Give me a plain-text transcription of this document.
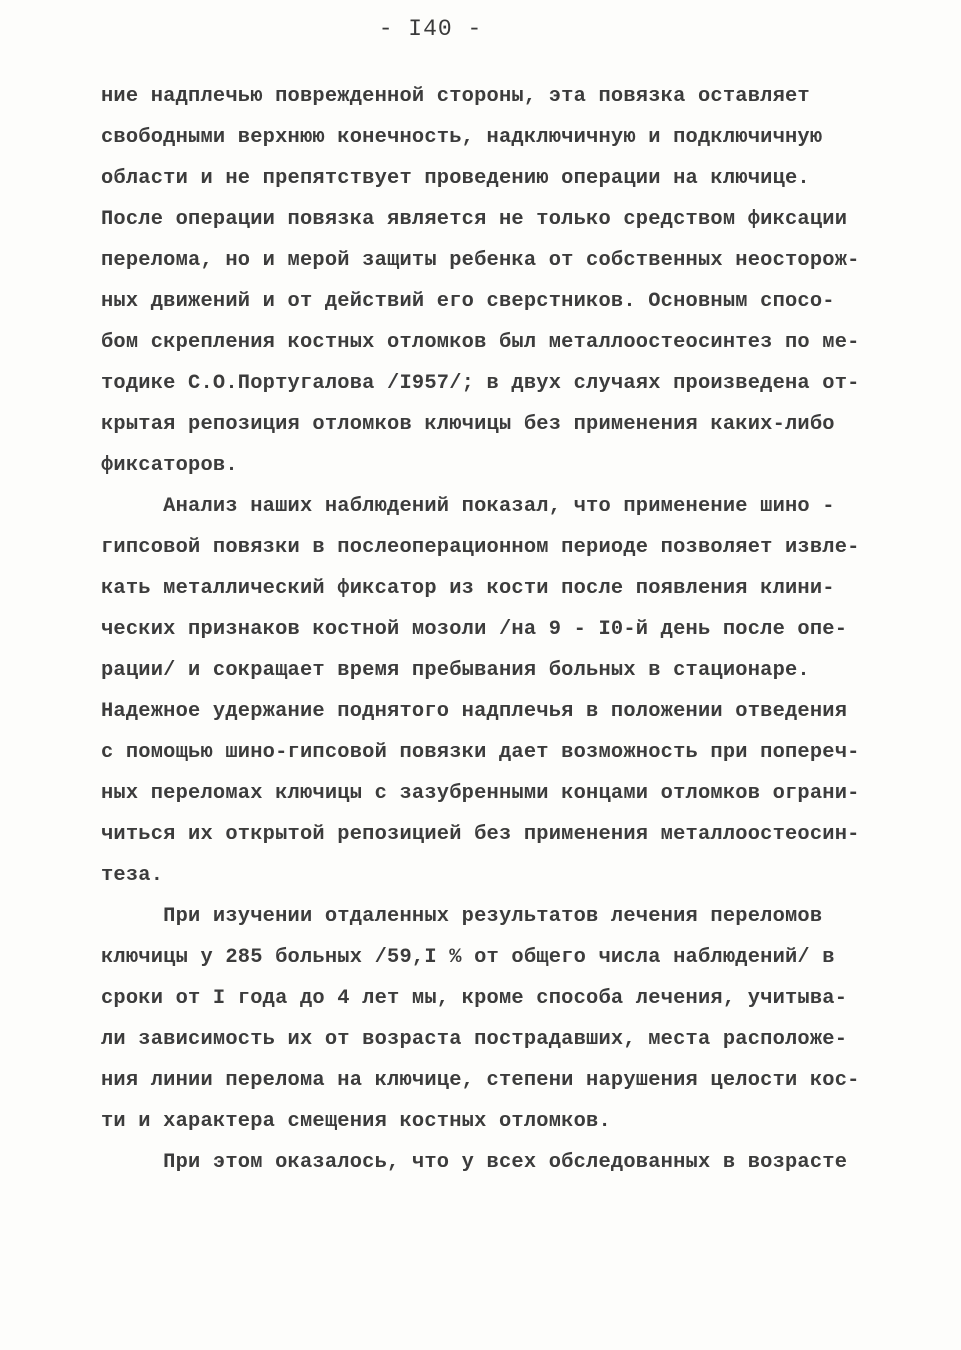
- I40 -
ние надплечью поврежденной стороны, эта повязка оставляет
свободными верхнюю конечность, надключичную и подключичную
области и не препятствует проведению операции на ключице.
После операции повязка является не только средством фиксации
перелома, но и мерой защиты ребенка от собственных неосторож-
ных движений и от действий его сверстников. Основным спосо-
бом скрепления костных отломков был металлоостеосинтез по ме-
тодике С.О.Португалова /I957/; в двух случаях произведена от-
крытая репозиция отломков ключицы без применения каких-либо
фиксаторов.
Анализ наших наблюдений показал, что применение шино -
гипсовой повязки в послеоперационном периоде позволяет извле-
кать металлический фиксатор из кости после появления клини-
ческих признаков костной мозоли /на 9 - I0-й день после опе-
рации/ и сокращает время пребывания больных в стационаре.
Надежное удержание поднятого надплечья в положении отведения
с помощью шино-гипсовой повязки дает возможность при попереч-
ных переломах ключицы с зазубренными концами отломков ограни-
читься их открытой репозицией без применения металлоостеосин-
теза.
При изучении отдаленных результатов лечения переломов
ключицы у 285 больных /59,I % от общего числа наблюдений/ в
сроки от I года до 4 лет мы, кроме способа лечения, учитыва-
ли зависимость их от возраста пострадавших, места расположе-
ния линии перелома на ключице, степени нарушения целости кос-
ти и характера смещения костных отломков.
При этом оказалось, что у всех обследованных в возрасте
